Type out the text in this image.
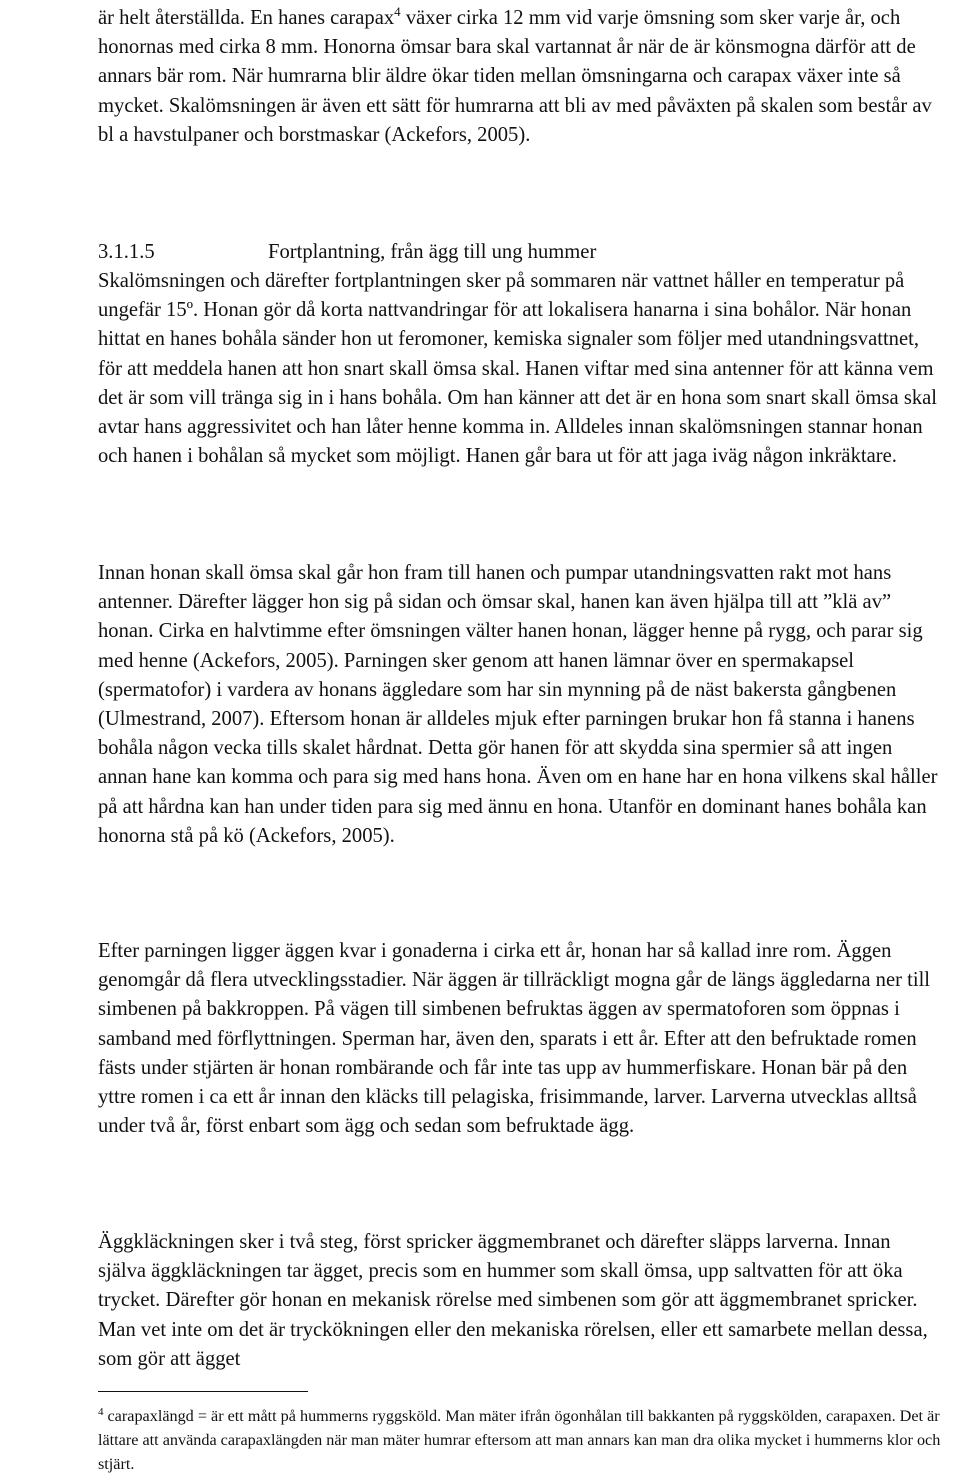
är helt återställda. En hanes carapax$^4$ växer cirka 12 mm vid varje ömsning som sker varje år, och honornas med cirka 8 mm. Honorna ömsar bara skal vartannat år när de är könsmogna därför att de annars bär rom. När humrarna blir äldre ökar tiden mellan ömsningarna och carapax växer inte så mycket. Skalömsningen är även ett sätt för humrarna att bli av med påväxten på skalen som består av bl a havstulpaner och borstmaskar (Ackefors, 2005).

3.1.1.5	Fortplantning, från ägg till ung hummer

Skalömsningen och därefter fortplantningen sker på sommaren när vattnet håller en temperatur på ungefär 15º. Honan gör då korta nattvandringar för att lokalisera hanarna i sina bohålor. När honan hittat en hanes bohåla sänder hon ut feromoner, kemiska signaler som följer med utandningsvattnet, för att meddela hanen att hon snart skall ömsa skal. Hanen viftar med sina antenner för att känna vem det är som vill tränga sig in i hans bohåla. Om han känner att det är en hona som snart skall ömsa skal avtar hans aggressivitet och han låter henne komma in. Alldeles innan skalömsningen stannar honan och hanen i bohålan så mycket som möjligt. Hanen går bara ut för att jaga iväg någon inkräktare.

Innan honan skall ömsa skal går hon fram till hanen och pumpar utandningsvatten rakt mot hans antenner. Därefter lägger hon sig på sidan och ömsar skal, hanen kan även hjälpa till att ”klä av” honan. Cirka en halvtimme efter ömsningen välter hanen honan, lägger henne på rygg, och parar sig med henne (Ackefors, 2005). Parningen sker genom att hanen lämnar över en spermakapsel (spermatofor) i vardera av honans äggledare som har sin mynning på de näst bakersta gångbenen (Ulmestrand, 2007). Eftersom honan är alldeles mjuk efter parningen brukar hon få stanna i hanens bohåla någon vecka tills skalet hårdnat. Detta gör hanen för att skydda sina spermier så att ingen annan hane kan komma och para sig med hans hona. Även om en hane har en hona vilkens skal håller på att hårdna kan han under tiden para sig med ännu en hona. Utanför en dominant hanes bohåla kan honorna stå på kö (Ackefors, 2005).

Efter parningen ligger äggen kvar i gonaderna i cirka ett år, honan har så kallad inre rom. Äggen genomgår då flera utvecklingsstadier. När äggen är tillräckligt mogna går de längs äggledarna ner till simbenen på bakkroppen. På vägen till simbenen befruktas äggen av spermatoforen som öppnas i samband med förflyttningen. Sperman har, även den, sparats i ett år. Efter att den befruktade romen fästs under stjärten är honan rombärande och får inte tas upp av hummerfiskare. Honan bär på den yttre romen i ca ett år innan den kläcks till pelagiska, frisimmande, larver. Larverna utvecklas alltså under två år, först enbart som ägg och sedan som befruktade ägg.

Äggkläckningen sker i två steg, först spricker äggmembranet och därefter släpps larverna. Innan själva äggkläckningen tar ägget, precis som en hummer som skall ömsa, upp saltvatten för att öka trycket. Därefter gör honan en mekanisk rörelse med simbenen som gör att äggmembranet spricker. Man vet inte om det är tryckökningen eller den mekaniska rörelsen, eller ett samarbete mellan dessa, som gör att ägget

$^4$ carapaxlängd = är ett mått på hummerns ryggsköld. Man mäter ifrån ögonhålan till bakkanten på ryggskölden, carapaxen. Det är lättare att använda carapaxlängden när man mäter humrar eftersom att man annars kan man dra olika mycket i hummerns klor och stjärt.
